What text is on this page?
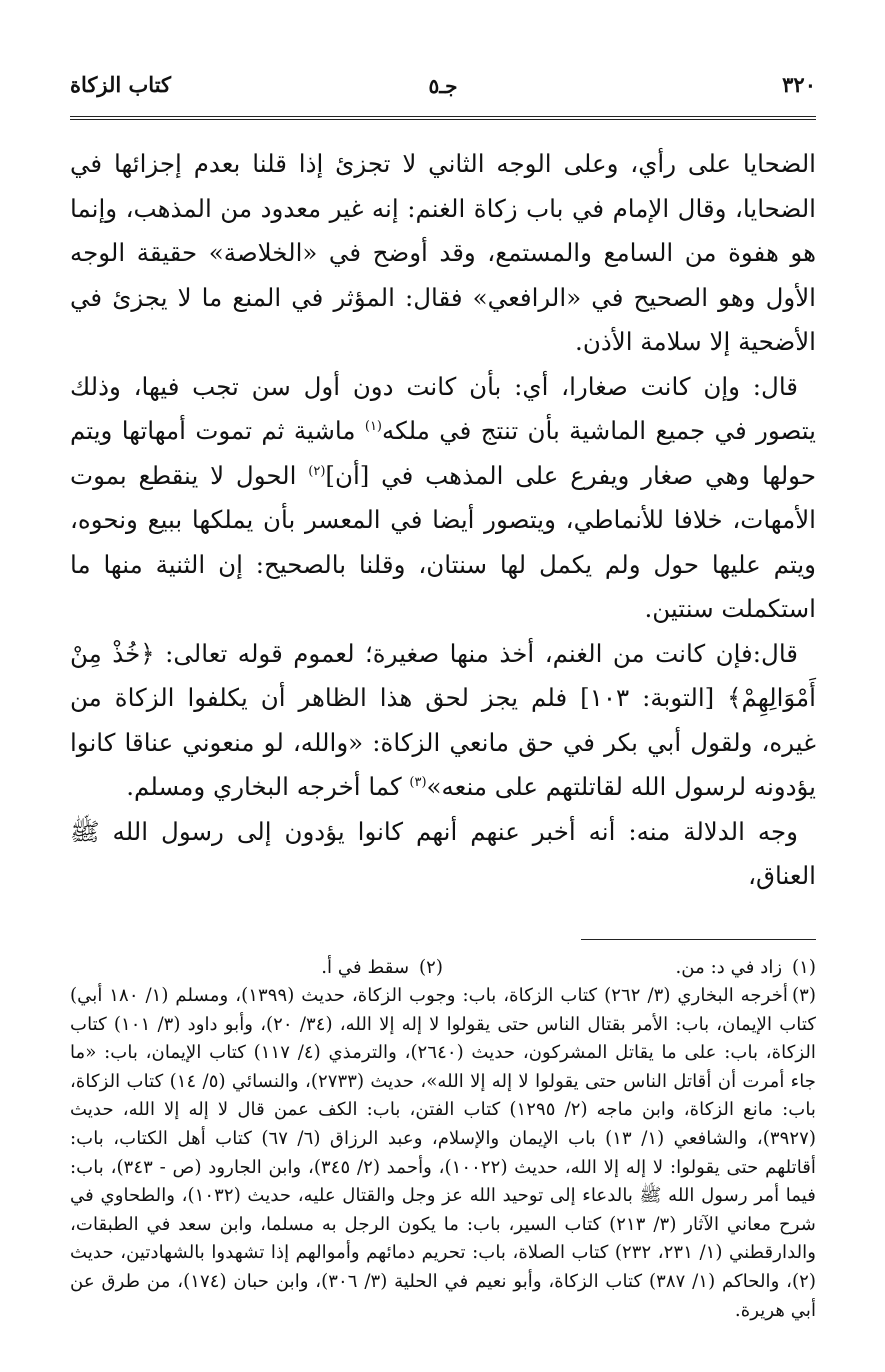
٣٢٠
جـ٥
كتاب الزكاة

الضحايا على رأي، وعلى الوجه الثاني لا تجزئ إذا قلنا بعدم إجزائها في الضحايا، وقال الإمام في باب زكاة الغنم: إنه غير معدود من المذهب، وإنما هو هفوة من السامع والمستمع، وقد أوضح في «الخلاصة» حقيقة الوجه الأول وهو الصحيح في «الرافعي» فقال: المؤثر في المنع ما لا يجزئ في الأضحية إلا سلامة الأذن.

قال: وإن كانت صغارا، أي: بأن كانت دون أول سن تجب فيها، وذلك يتصور في جميع الماشية بأن تنتج في ملكه$^{(١)}$ ماشية ثم تموت أمهاتها ويتم حولها وهي صغار ويفرع على المذهب في [أن]$^{(٢)}$ الحول لا ينقطع بموت الأمهات، خلافا للأنماطي، ويتصور أيضا في المعسر بأن يملكها ببيع ونحوه، ويتم عليها حول ولم يكمل لها سنتان، وقلنا بالصحيح: إن الثنية منها ما استكملت سنتين.

قال:فإن كانت من الغنم، أخذ منها صغيرة؛ لعموم قوله تعالى: ﴿خُذْ مِنْ أَمْوَالِهِمْ﴾ [التوبة: ١٠٣] فلم يجز لحق هذا الظاهر أن يكلفوا الزكاة من غيره، ولقول أبي بكر في حق مانعي الزكاة: «والله، لو منعوني عناقا كانوا يؤدونه لرسول الله لقاتلتهم على منعه»$^{(٣)}$ كما أخرجه البخاري ومسلم.

وجه الدلالة منه: أنه أخبر عنهم أنهم كانوا يؤدون إلى رسول الله ﷺ العناق،

(١) زاد في د: من.
(٢) سقط في أ.

(٣)أخرجه البخاري (٣/ ٢٦٢) كتاب الزكاة، باب: وجوب الزكاة، حديث (١٣٩٩)، ومسلم (١/ ١٨٠ أبي) كتاب الإيمان، باب: الأمر بقتال الناس حتى يقولوا لا إله إلا الله، (٣٤/ ٢٠)، وأبو داود (٣/ ١٠١) كتاب الزكاة، باب: على ما يقاتل المشركون، حديث (٢٦٤٠)، والترمذي (٤/ ١١٧) كتاب الإيمان، باب: «ما جاء أمرت أن أقاتل الناس حتى يقولوا لا إله إلا الله»، حديث (٢٧٣٣)، والنسائي (٥/ ١٤) كتاب الزكاة، باب: مانع الزكاة، وابن ماجه (٢/ ١٢٩٥) كتاب الفتن، باب: الكف عمن قال لا إله إلا الله، حديث (٣٩٢٧)، والشافعي (١/ ١٣) باب الإيمان والإسلام، وعبد الرزاق (٦/ ٦٧) كتاب أهل الكتاب، باب: أقاتلهم حتى يقولوا: لا إله إلا الله، حديث (١٠٠٢٢)، وأحمد (٢/ ٣٤٥)، وابن الجارود (ص - ٣٤٣)، باب: فيما أمر رسول الله ﷺ بالدعاء إلى توحيد الله عز وجل والقتال عليه، حديث (١٠٣٢)، والطحاوي في شرح معاني الآثار (٣/ ٢١٣) كتاب السير، باب: ما يكون الرجل به مسلما، وابن سعد في الطبقات، والدارقطني (١/ ٢٣١، ٢٣٢) كتاب الصلاة، باب: تحريم دمائهم وأموالهم إذا تشهدوا بالشهادتين، حديث (٢)، والحاكم (١/ ٣٨٧) كتاب الزكاة، وأبو نعيم في الحلية (٣/ ٣٠٦)، وابن حبان (١٧٤)، من طرق عن أبي هريرة.
